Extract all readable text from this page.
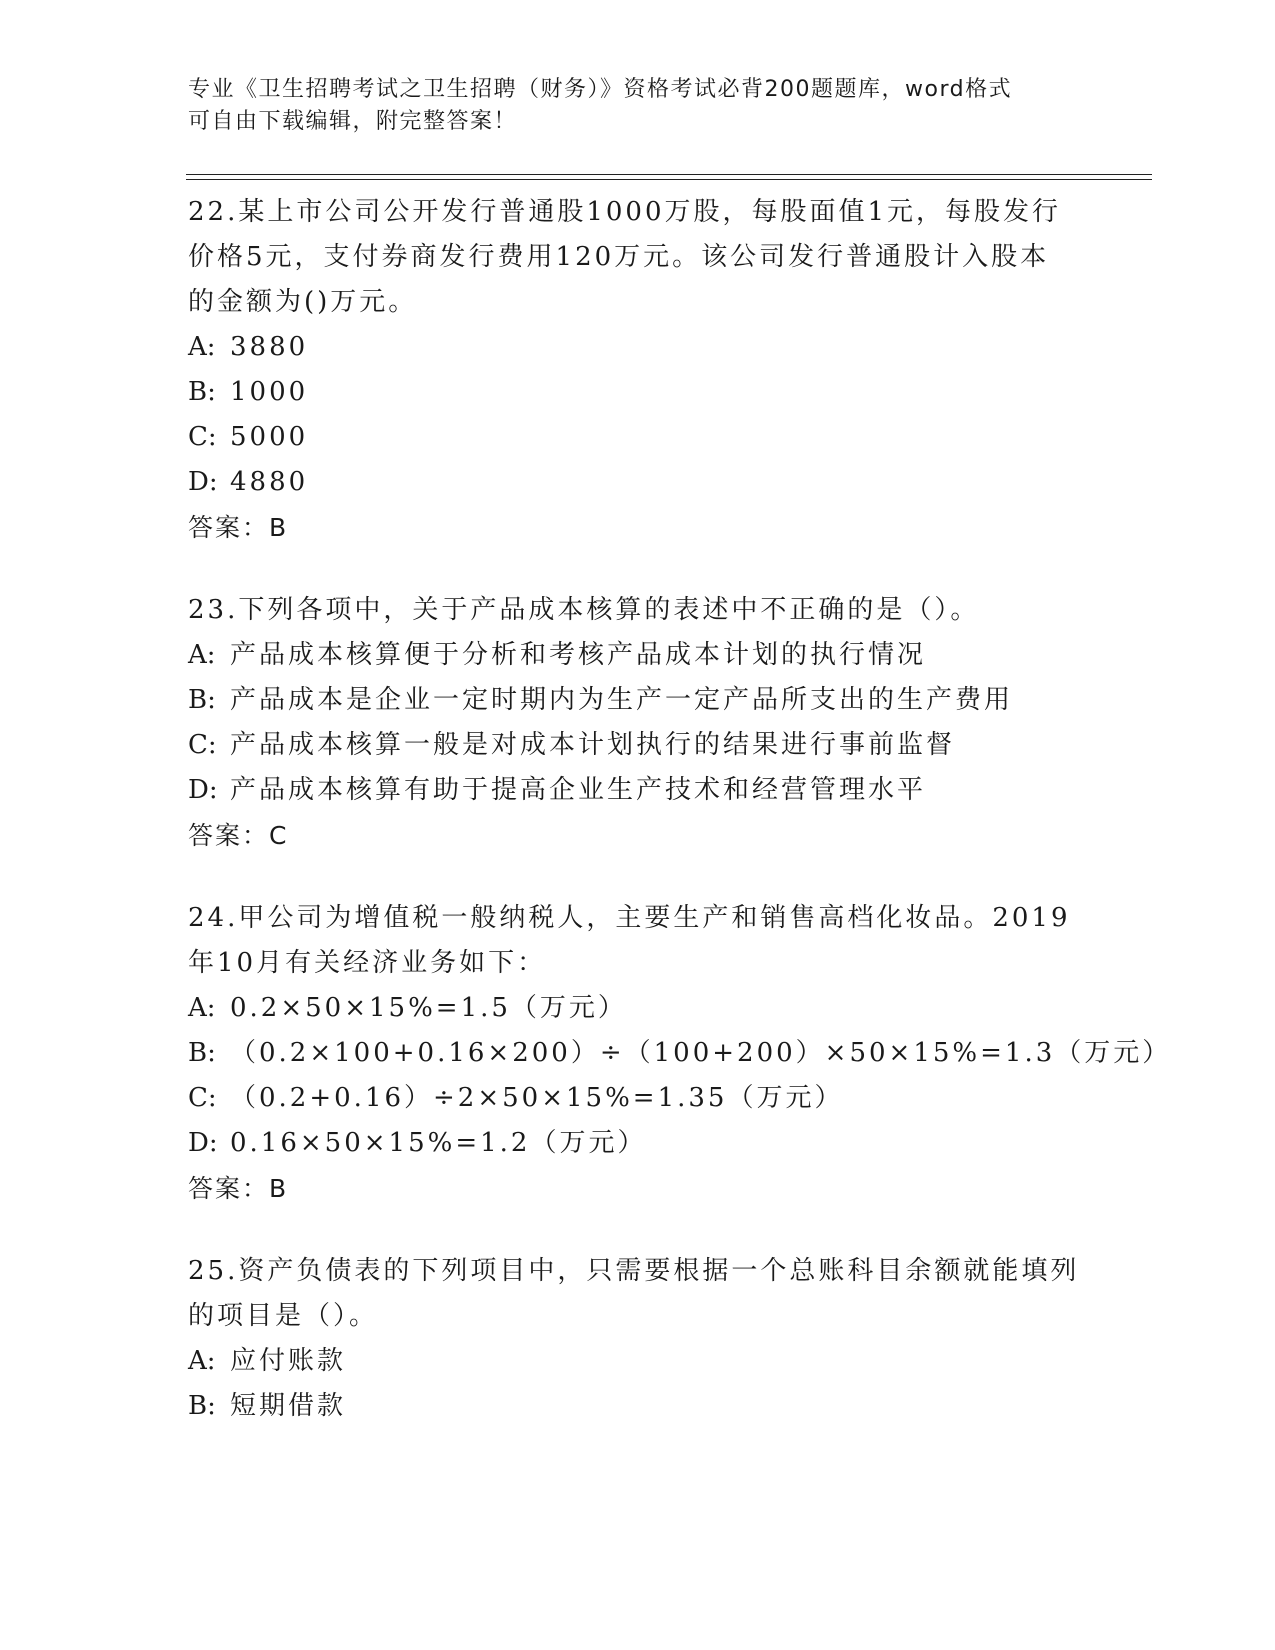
专业《卫生招聘考试之卫生招聘（财务）》资格考试必背200题题库，word格式
可自由下载编辑，附完整答案！
22.某上市公司公开发行普通股1000万股，每股面值1元，每股发行
价格5元，支付券商发行费用120万元。该公司发行普通股计入股本
的金额为()万元。
A: 3880
B: 1000
C: 5000
D: 4880
答案：B
23.下列各项中，关于产品成本核算的表述中不正确的是（）。
A: 产品成本核算便于分析和考核产品成本计划的执行情况
B: 产品成本是企业一定时期内为生产一定产品所支出的生产费用
C: 产品成本核算一般是对成本计划执行的结果进行事前监督
D: 产品成本核算有助于提高企业生产技术和经营管理水平
答案：C
24.甲公司为增值税一般纳税人，主要生产和销售高档化妆品。2019
年10月有关经济业务如下：
A: 0.2×50×15%=1.5（万元）
B: （0.2×100+0.16×200）÷（100+200）×50×15%=1.3（万元）
C: （0.2+0.16）÷2×50×15%=1.35（万元）
D: 0.16×50×15%=1.2（万元）
答案：B
25.资产负债表的下列项目中，只需要根据一个总账科目余额就能填列
的项目是（）。
A: 应付账款
B: 短期借款
